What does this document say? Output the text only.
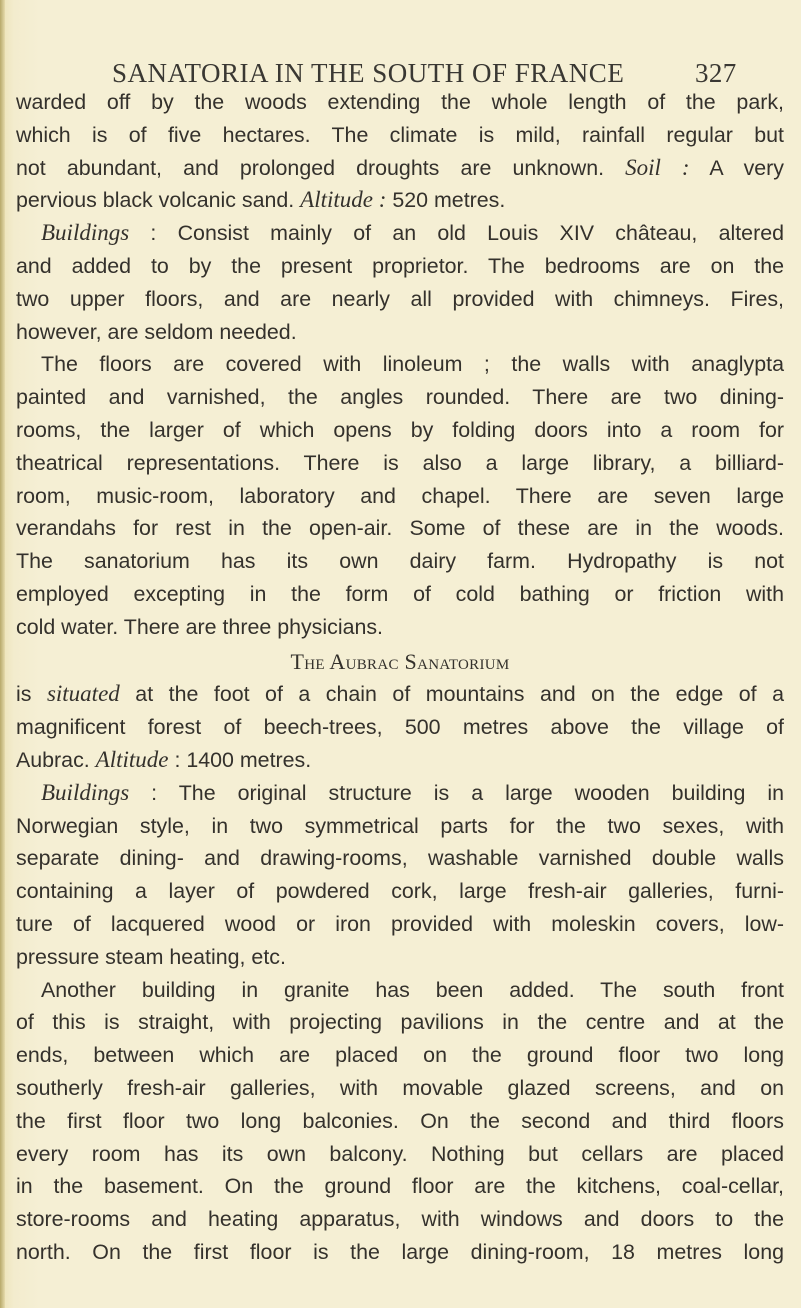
SANATORIA IN THE SOUTH OF FRANCE	327
warded off by the woods extending the whole length of the park,
which is of five hectares. The climate is mild, rainfall regular but
not abundant, and prolonged droughts are unknown. Soil : A very
pervious black volcanic sand. Altitude : 520 metres.
Buildings : Consist mainly of an old Louis XIV château, altered
and added to by the present proprietor. The bedrooms are on the
two upper floors, and are nearly all provided with chimneys. Fires,
however, are seldom needed.
The floors are covered with linoleum ; the walls with anaglypta
painted and varnished, the angles rounded. There are two dining-
rooms, the larger of which opens by folding doors into a room for
theatrical representations. There is also a large library, a billiard-
room, music-room, laboratory and chapel. There are seven large
verandahs for rest in the open-air. Some of these are in the woods.
The sanatorium has its own dairy farm. Hydropathy is not
employed excepting in the form of cold bathing or friction with
cold water. There are three physicians.
The Aubrac Sanatorium
is situated at the foot of a chain of mountains and on the edge of a
magnificent forest of beech-trees, 500 metres above the village of
Aubrac. Altitude : 1400 metres.
Buildings : The original structure is a large wooden building in
Norwegian style, in two symmetrical parts for the two sexes, with
separate dining- and drawing-rooms, washable varnished double walls
containing a layer of powdered cork, large fresh-air galleries, furni-
ture of lacquered wood or iron provided with moleskin covers, low-
pressure steam heating, etc.
Another building in granite has been added. The south front
of this is straight, with projecting pavilions in the centre and at the
ends, between which are placed on the ground floor two long
southerly fresh-air galleries, with movable glazed screens, and on
the first floor two long balconies. On the second and third floors
every room has its own balcony. Nothing but cellars are placed
in the basement. On the ground floor are the kitchens, coal-cellar,
store-rooms and heating apparatus, with windows and doors to the
north. On the first floor is the large dining-room, 18 metres long
